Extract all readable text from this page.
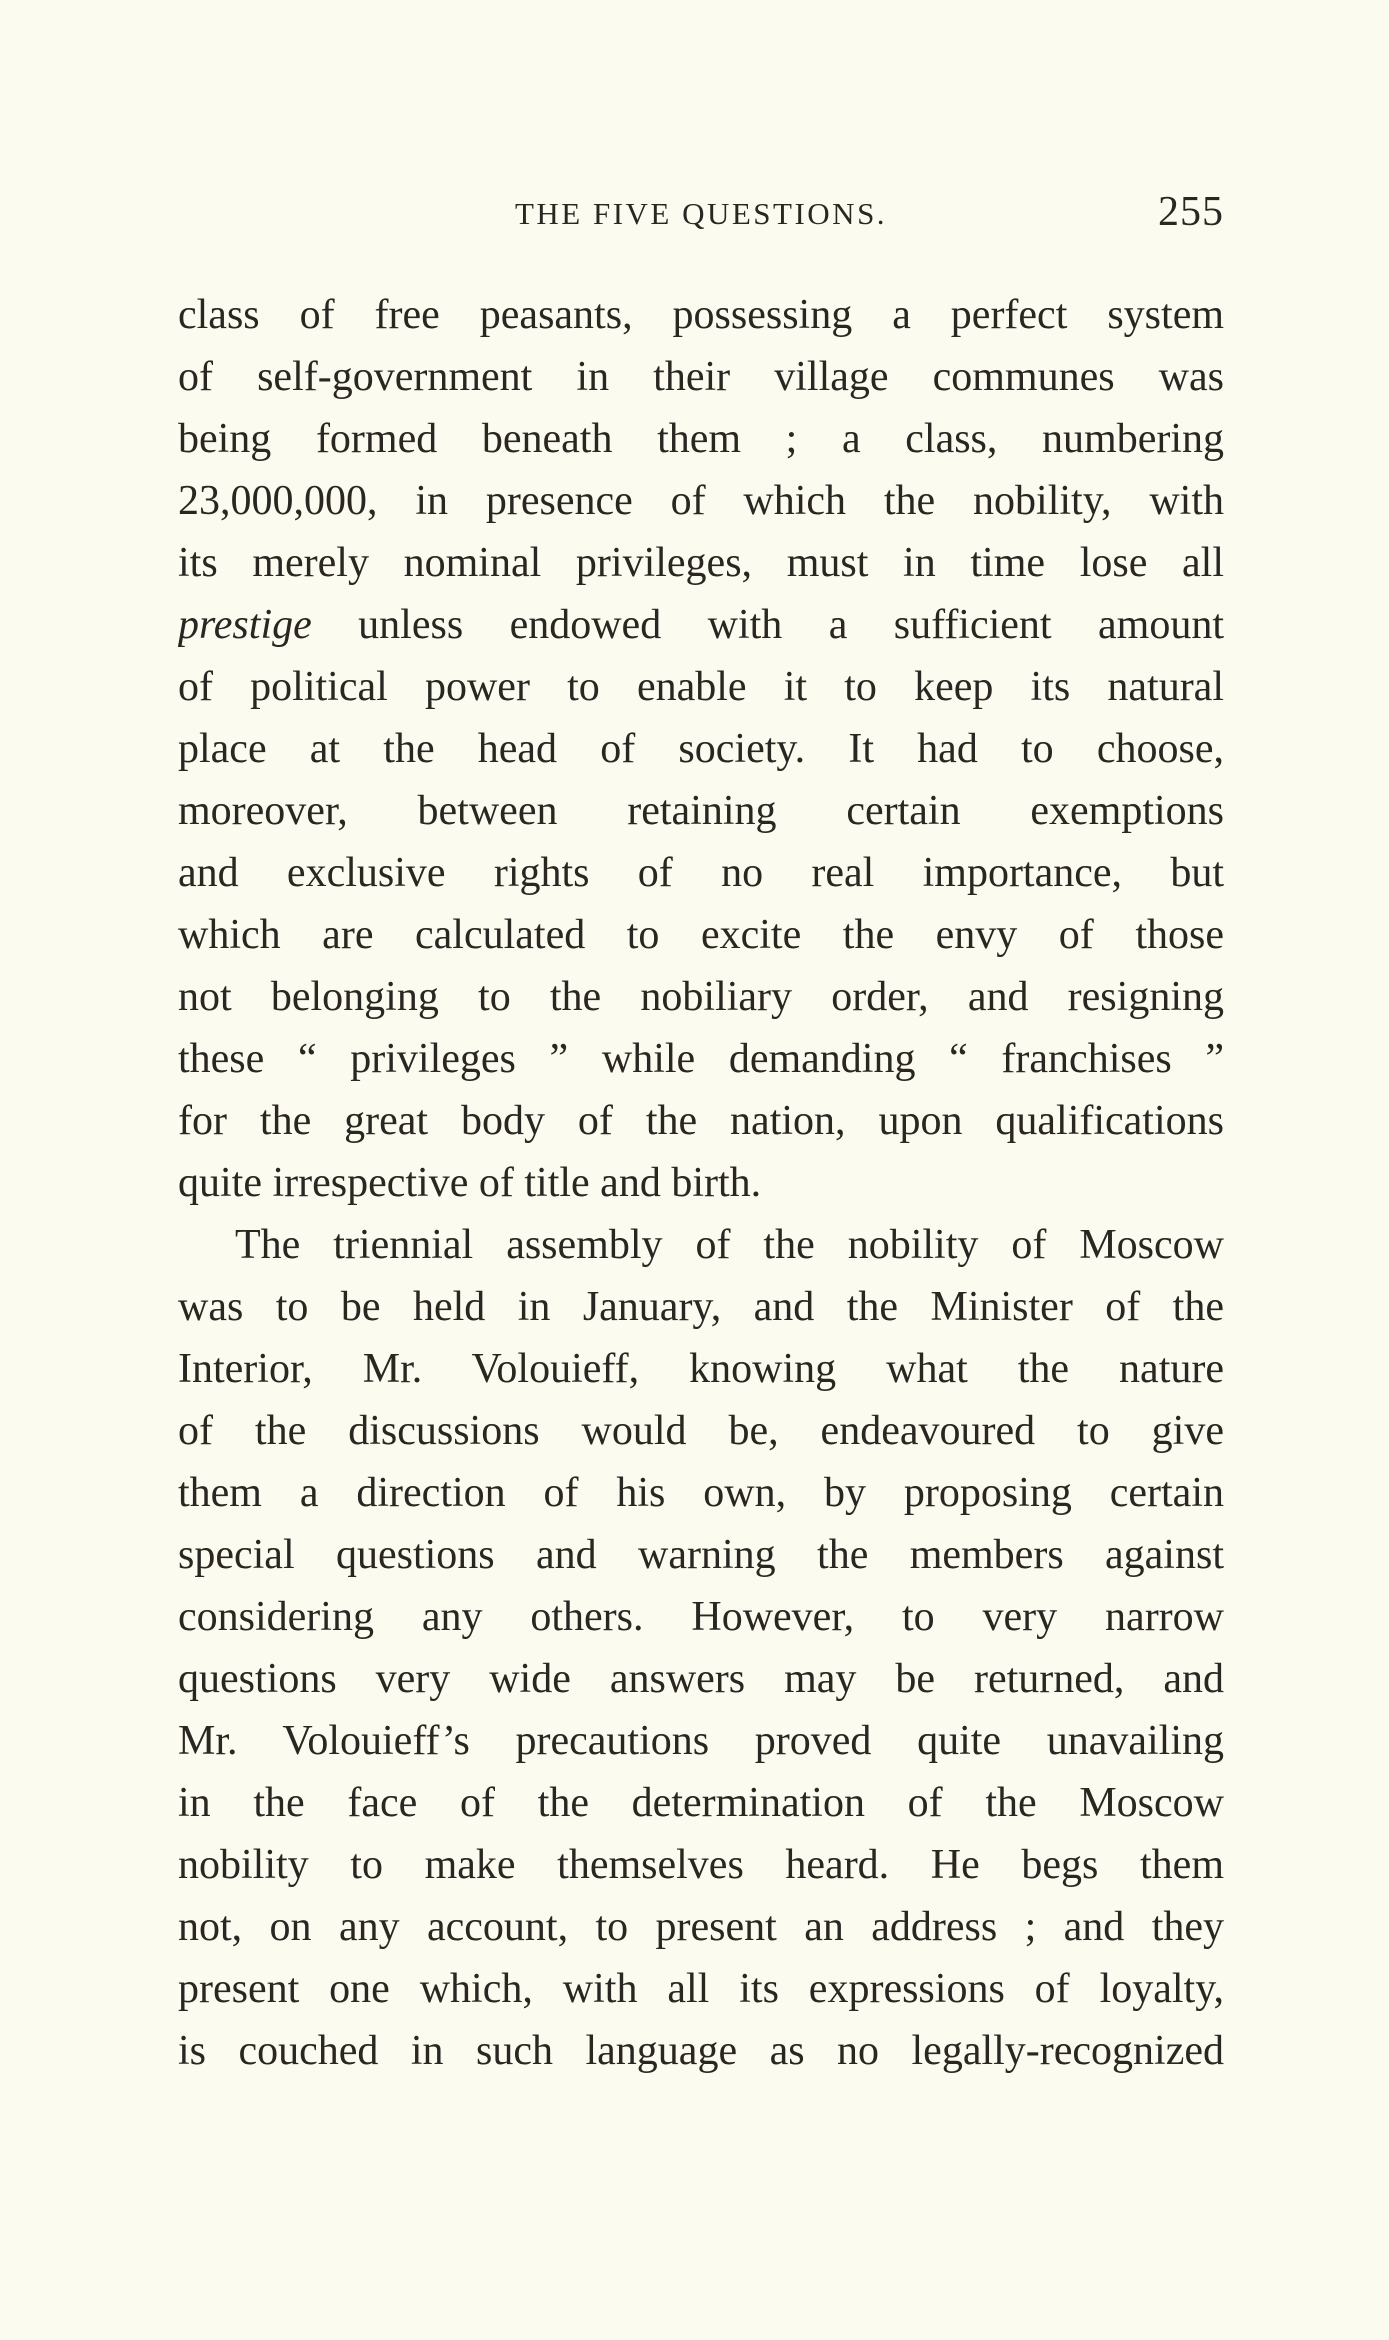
THE FIVE QUESTIONS.	255
class of free peasants, possessing a perfect system
of self-government in their village communes was
being formed beneath them ; a class, numbering
23,000,000, in presence of which the nobility, with
its merely nominal privileges, must in time lose all
prestige unless endowed with a sufficient amount
of political power to enable it to keep its natural
place at the head of society. It had to choose,
moreover, between retaining certain exemptions
and exclusive rights of no real importance, but
which are calculated to excite the envy of those
not belonging to the nobiliary order, and resigning
these “ privileges ” while demanding “ franchises ”
for the great body of the nation, upon qualifications
quite irrespective of title and birth.
The triennial assembly of the nobility of Moscow
was to be held in January, and the Minister of the
Interior, Mr. Volouieff, knowing what the nature
of the discussions would be, endeavoured to give
them a direction of his own, by proposing certain
special questions and warning the members against
considering any others. However, to very narrow
questions very wide answers may be returned, and
Mr. Volouieff’s precautions proved quite unavailing
in the face of the determination of the Moscow
nobility to make themselves heard. He begs them
not, on any account, to present an address ; and they
present one which, with all its expressions of loyalty,
is couched in such language as no legally-recognized
